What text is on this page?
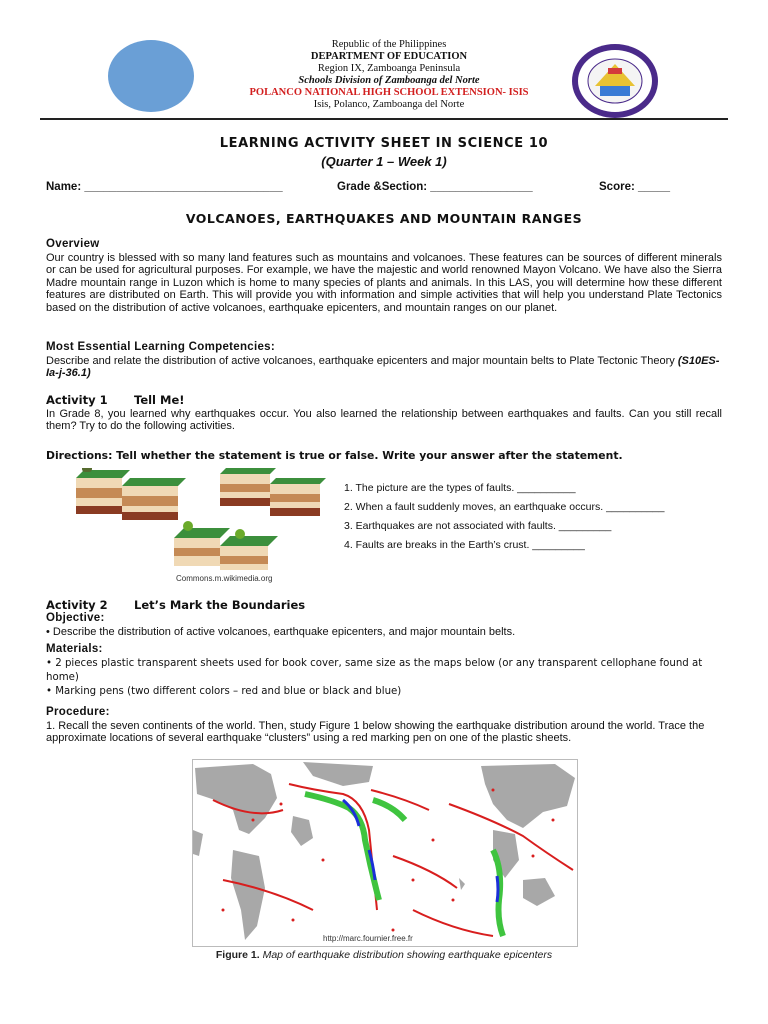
Republic of the Philippines
DEPARTMENT OF EDUCATION
Region IX, Zamboanga Peninsula
Schools Division of Zamboanga del Norte
POLANCO NATIONAL HIGH SCHOOL EXTENSION- ISIS
Isis, Polanco, Zamboanga del Norte
LEARNING ACTIVITY SHEET IN SCIENCE 10
(Quarter 1 – Week 1)
Name: _______________________________	Grade &Section: ________________	Score: _____
VOLCANOES, EARTHQUAKES AND MOUNTAIN RANGES
Overview
Our country is blessed with so many land features such as mountains and volcanoes. These features can be sources of different minerals or can be used for agricultural purposes. For example, we have the majestic and world renowned Mayon Volcano. We have also the Sierra Madre mountain range in Luzon which is home to many species of plants and animals. In this LAS, you will determine how these different features are distributed on Earth. This will provide you with information and simple activities that will help you understand Plate Tectonics based on the distribution of active volcanoes, earthquake epicenters, and mountain ranges on our planet.
Most Essential Learning Competencies:
Describe and relate the distribution of active volcanoes, earthquake epicenters and major mountain belts to Plate Tectonic Theory (S10ES-Ia-j-36.1)
Activity 1 Tell Me!
In Grade 8, you learned why earthquakes occur. You also learned the relationship between earthquakes and faults. Can you still recall them? Try to do the following activities.
Directions: Tell whether the statement is true or false. Write your answer after the statement.
Commons.m.wikimedia.org
1. The picture are the types of faults. __________
2. When a fault suddenly moves, an earthquake occurs. __________
3. Earthquakes are not associated with faults. _________
4. Faults are breaks in the Earth’s crust. _________
Activity 2 Let’s Mark the Boundaries
Objective:
• Describe the distribution of active volcanoes, earthquake epicenters, and major mountain belts.
Materials:
• 2 pieces plastic transparent sheets used for book cover, same size as the maps below (or any transparent cellophane found at home)
• Marking pens (two different colors – red and blue or black and blue)
Procedure:
1. Recall the seven continents of the world. Then, study Figure 1 below showing the earthquake distribution around the world. Trace the approximate locations of several earthquake “clusters” using a red marking pen on one of the plastic sheets.
http://marc.fournier.free.fr
Figure 1. Map of earthquake distribution showing earthquake epicenters
